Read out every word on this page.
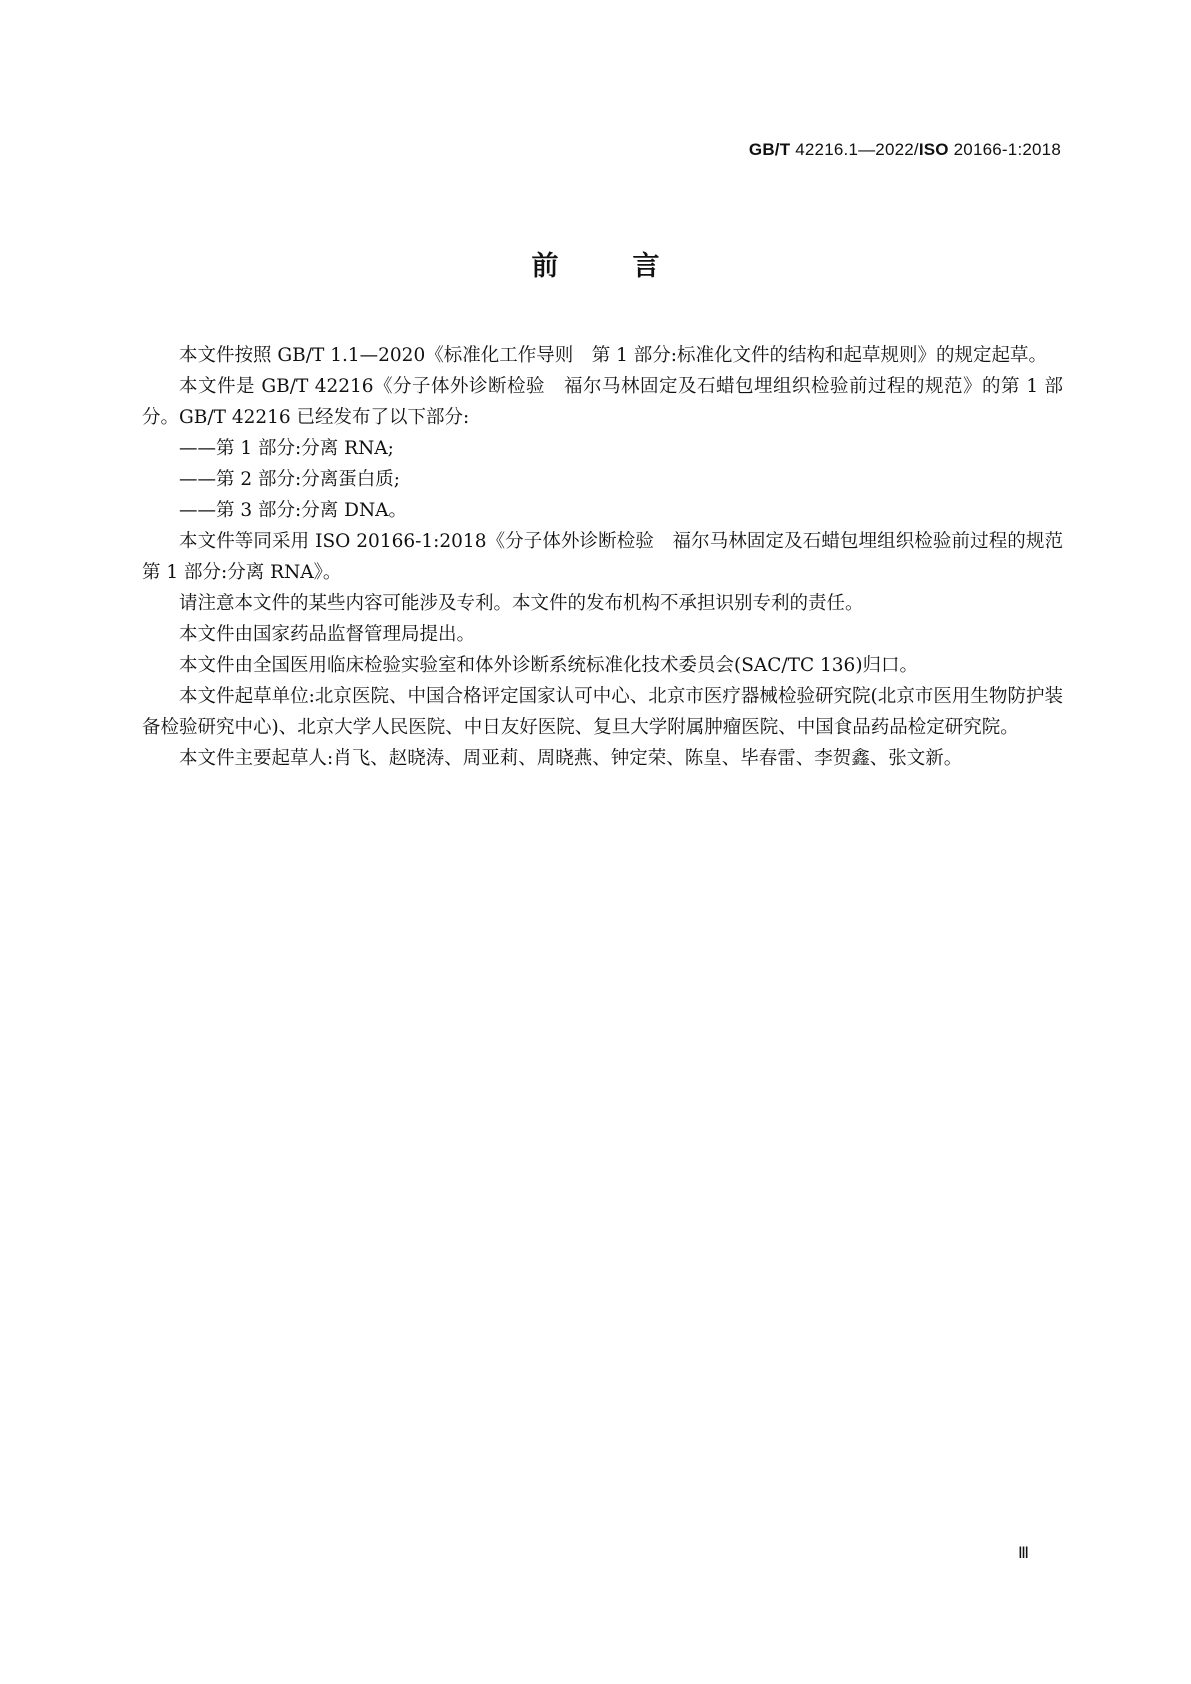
GB/T 42216.1—2022/ISO 20166-1:2018
前	言

本文件按照 GB/T 1.1—2020《标准化工作导则　第 1 部分:标准化文件的结构和起草规则》的规定起草。

本文件是 GB/T 42216《分子体外诊断检验　福尔马林固定及石蜡包埋组织检验前过程的规范》的第 1 部分。GB/T 42216 已经发布了以下部分:

——第 1 部分:分离 RNA;

——第 2 部分:分离蛋白质;

——第 3 部分:分离 DNA。

本文件等同采用 ISO 20166-1:2018《分子体外诊断检验　福尔马林固定及石蜡包埋组织检验前过程的规范　第 1 部分:分离 RNA》。

请注意本文件的某些内容可能涉及专利。本文件的发布机构不承担识别专利的责任。

本文件由国家药品监督管理局提出。

本文件由全国医用临床检验实验室和体外诊断系统标准化技术委员会(SAC/TC 136)归口。

本文件起草单位:北京医院、中国合格评定国家认可中心、北京市医疗器械检验研究院(北京市医用生物防护装备检验研究中心)、北京大学人民医院、中日友好医院、复旦大学附属肿瘤医院、中国食品药品检定研究院。

本文件主要起草人:肖飞、赵晓涛、周亚莉、周晓燕、钟定荣、陈皇、毕春雷、李贺鑫、张文新。

Ⅲ
